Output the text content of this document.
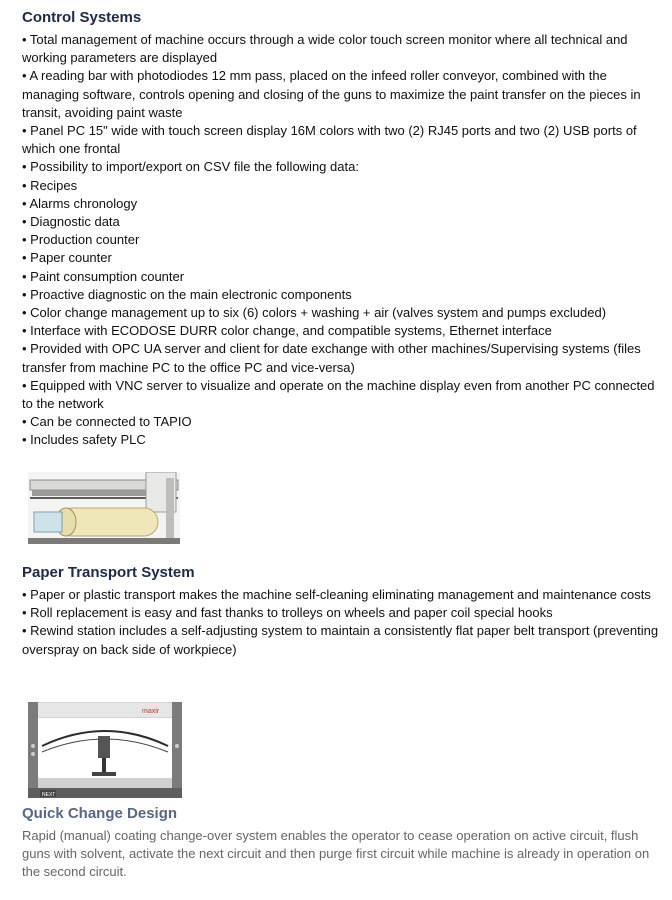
Control Systems
• Total management of machine occurs through a wide color touch screen monitor where all technical and working parameters are displayed
• A reading bar with photodiodes 12 mm pass, placed on the infeed roller conveyor, combined with the managing software, controls opening and closing of the guns to maximize the paint transfer on the pieces in transit, avoiding paint waste
• Panel PC 15" wide with touch screen display 16M colors with two (2) RJ45 ports and two (2) USB ports of which one frontal
• Possibility to import/export on CSV file the following data:
• Recipes
• Alarms chronology
• Diagnostic data
• Production counter
• Paper counter
• Paint consumption counter
• Proactive diagnostic on the main electronic components
• Color change management up to six (6) colors + washing + air (valves system and pumps excluded)
• Interface with ECODOSE DURR color change, and compatible systems, Ethernet interface
• Provided with OPC UA server and client for date exchange with other machines/Supervising systems (files transfer from machine PC to the office PC and vice-versa)
• Equipped with VNC server to visualize and operate on the machine display even from another PC connected to the network
• Can be connected to TAPIO
• Includes safety PLC
Paper Transport System
• Paper or plastic transport makes the machine self-cleaning eliminating management and maintenance costs
• Roll replacement is easy and fast thanks to trolleys on wheels and paper coil special hooks
• Rewind station includes a self-adjusting system to maintain a consistently flat paper belt transport (preventing overspray on back side of workpiece)
maxir
NEXT
Quick Change Design

Rapid (manual) coating change-over system enables the operator to cease operation on active circuit, flush guns with solvent, activate the next circuit and then purge first circuit while machine is already in operation on the second circuit.
